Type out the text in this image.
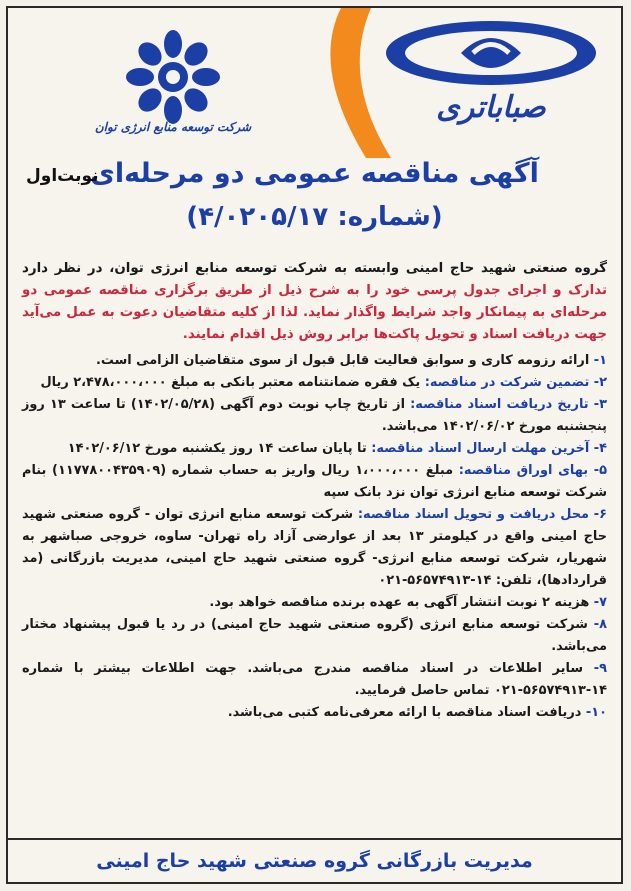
صباباتری
شرکت توسعه منابع انرژی توان
آگهی مناقصه عمومی دو مرحله‌ای
نوبت‌اول
(شماره: ۴/۰۲۰۵/۱۷)
گروه صنعتی شهید حاج امینی وابسته به شرکت توسعه منابع انرژی توان، در نظر دارد تدارک و اجرای جدول پرسی خود را به شرح ذیل از طریق برگزاری مناقصه عمومی دو مرحله‌ای به پیمانکار واجد شرایط واگذار نماید. لذا از کلیه متقاضیان دعوت به عمل می‌آید جهت دریافت اسناد و تحویل پاکت‌ها برابر روش ذیل اقدام نمایند.
۱- ارائه رزومه کاری و سوابق فعالیت قابل قبول از سوی متقاضیان الزامی است.
۲- تضمین شرکت در مناقصه: یک فقره ضمانتنامه معتبر بانکی به مبلغ ۲،۴۷۸،۰۰۰،۰۰۰ ریال
۳- تاریخ دریافت اسناد مناقصه: از تاریخ چاپ نوبت دوم آگهی (۱۴۰۲/۰۵/۲۸) تا ساعت ۱۳ روز پنجشنبه مورخ ۱۴۰۲/۰۶/۰۲ می‌باشد.
۴- آخرین مهلت ارسال اسناد مناقصه: تا پایان ساعت ۱۴ روز یکشنبه مورخ ۱۴۰۲/۰۶/۱۲
۵- بهای اوراق مناقصه: مبلغ ۱،۰۰۰،۰۰۰ ریال واریز به حساب شماره (۱۱۷۷۸۰۰۴۳۵۹۰۹) بنام شرکت توسعه منابع انرژی توان نزد بانک سپه
۶- محل دریافت و تحویل اسناد مناقصه: شرکت توسعه منابع انرژی توان - گروه صنعتی شهید حاج امینی واقع در کیلومتر ۱۳ بعد از عوارضی آزاد راه تهران- ساوه، خروجی صباشهر به شهریار، شرکت توسعه منابع انرژی- گروه صنعتی شهید حاج امینی، مدیریت بازرگانی (مد قراردادها)، تلفن: ۱۴-۵۶۵۷۴۹۱۳-۰۲۱
۷- هزینه ۲ نوبت انتشار آگهی به عهده برنده مناقصه خواهد بود.
۸- شرکت توسعه منابع انرژی (گروه صنعتی شهید حاج امینی) در رد یا قبول پیشنهاد مختار می‌باشد.
۹- سایر اطلاعات در اسناد مناقصه مندرج می‌باشد. جهت اطلاعات بیشتر با شماره ۱۴-۵۶۵۷۴۹۱۳-۰۲۱ تماس حاصل فرمایید.
۱۰- دریافت اسناد مناقصه با ارائه معرفی‌نامه کتبی می‌باشد.
مدیریت بازرگانی گروه صنعتی شهید حاج امینی
